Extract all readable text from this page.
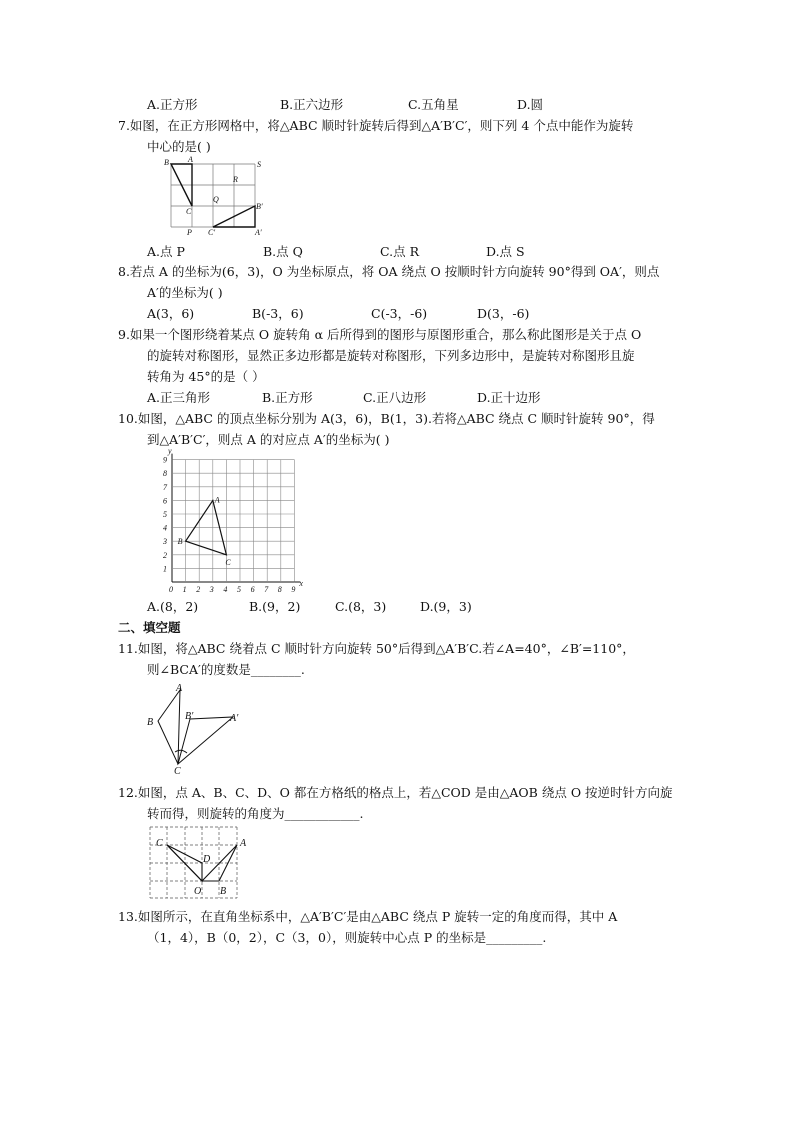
A.正方形	B.正六边形	C.五角星	D.圆
7.如图，在正方形网格中，将△ABC 顺时针旋转后得到△A′B′C′，则下列 4 个点中能作为旋转
中心的是( )
B A
S
R
Q
C
B′
P C′	A′
A.点 P	B.点 Q	C.点 R	D.点 S
8.若点 A 的坐标为(6，3)，O 为坐标原点，将 OA 绕点 O 按顺时针方向旋转 90°得到 OA′，则点
A′的坐标为( )
A(3，6)	B(-3，6)	C(-3，-6)	D(3，-6)
9.如果一个图形绕着某点 O 旋转角 α 后所得到的图形与原图形重合，那么称此图形是关于点 O
的旋转对称图形，显然正多边形都是旋转对称图形，下列多边形中，是旋转对称图形且旋
转角为 45°的是（ ）
A.正三角形	B.正方形	C.正八边形	D.正十边形
10.如图，△ABC 的顶点坐标分别为 A(3，6)，B(1，3).若将△ABC 绕点 C 顺时针旋转 90°，得
到△A′B′C′，则点 A 的对应点 A′的坐标为( )
0 1 2 3 4 5 6 7 8 9
1
2
3
4
5
6
7
8
9
x
y
A
B
C
A.(8，2)	B.(9，2)	C.(8，3)	D.(9，3)
二、填空题
11.如图，将△ABC 绕着点 C 顺时针方向旋转 50°后得到△A′B′C.若∠A=40°，∠B′=110°，
则∠BCA′的度数是________.
A
B
B′	A′
C
12.如图，点 A、B、C、D、O 都在方格纸的格点上，若△COD 是由△AOB 绕点 O 按逆时针方向旋
转而得，则旋转的角度为____________.
C
D
A
O B
13.如图所示，在直角坐标系中，△A′B′C′是由△ABC 绕点 P 旋转一定的角度而得，其中 A
（1，4），B（0，2），C（3，0），则旋转中心点 P 的坐标是_________.
